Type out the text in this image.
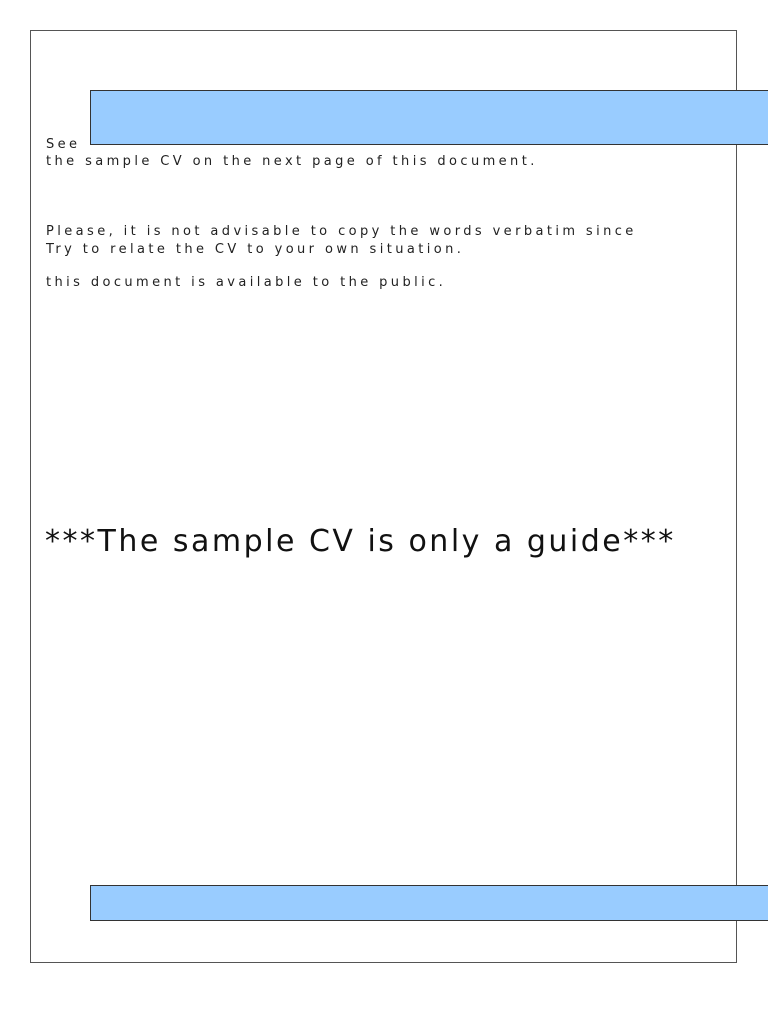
See
the sample CV on the next page of this document.

Please, it is not advisable to copy the words verbatim since

this document is available to the public.

Try to relate the CV to your own situation.
***The sample CV is only a guide***
